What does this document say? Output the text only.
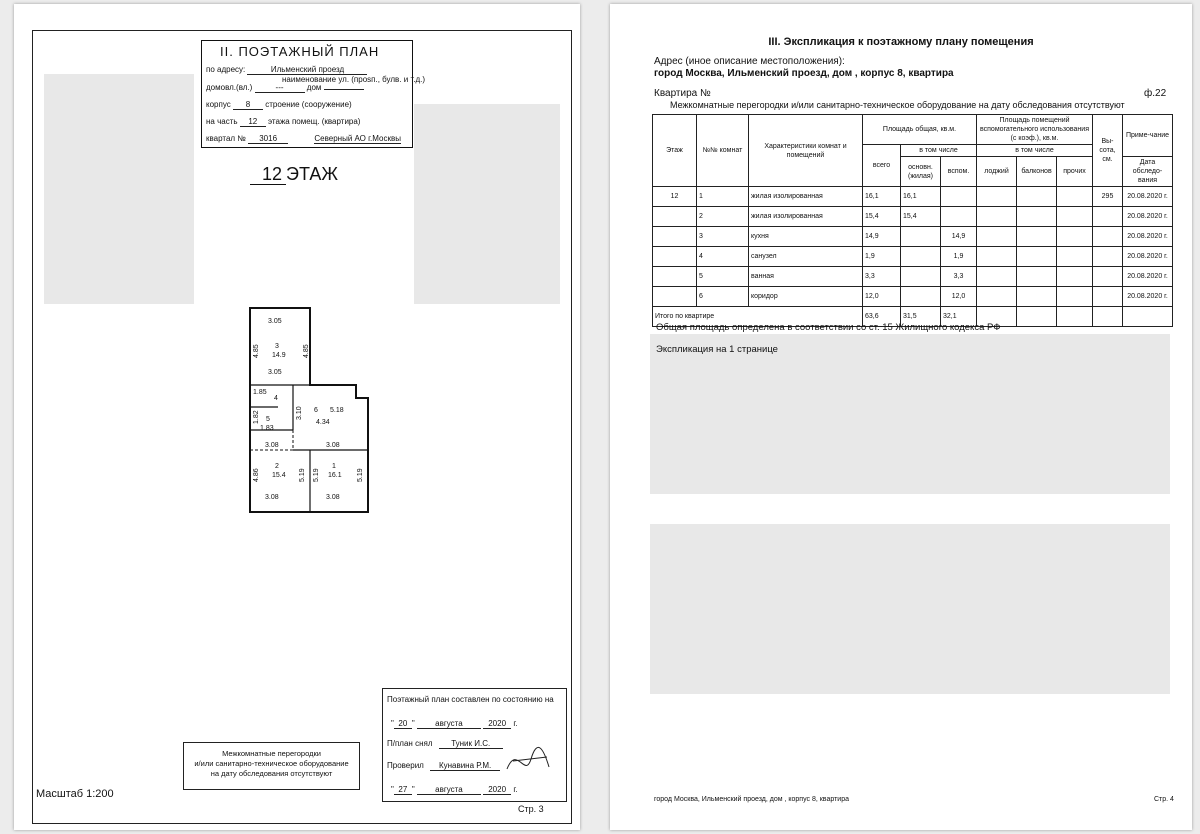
II. ПОЭТАЖНЫЙ ПЛАН
по адресу:	Ильменский проезд
наименование ул. (прosп., булв. и т.д.)
домовл.(вл.)	---	дом
корпус 8 строение (сооружение)
на часть 12 этажа помещ. (квартира)
квартал № 3016	Северный АО г.Москвы
12 ЭТАЖ
3.05
3.05
4.85	4.85
3
14.9
1.85
4
3.10 6 5.18
4.34
1.82 5
1.83
3.08
4.86	5.19
2
15.4
3.08
3.08
5.19	5.19
1
16.1
3.08
Межкомнатные перегородки
и/или санитарно-техническое оборудование
на дату обследования отсутствуют
Поэтажный план составлен по состоянию на
" 20 " августа	2020 г.
П/план снял Туник И.С.
Проверил Кунавина Р.М.
" 27 " августа	2020 г.
Масштаб 1:200
Стр. 3
III. Экспликация к поэтажному плану помещения
Адрес (иное описание местоположения):
город Москва, Ильменский проезд, дом , корпус 8, квартира
Квартира №	ф.22
Межкомнатные перегородки и/или санитарно-техническое оборудование на дату обследования отсутствуют
Этаж	№№ комнат	Характеристики комнат и помещений	Площадь общая, кв.м.			Площадь помещений вспомогательного использования (с коэф.), кв.м.			Вы-сота, см.	Приме-чание
			всего	в том числе		в том числе				
				основн. (жилая)	вспом.	лоджий	балконов	прочих		Дата обследо-вания
12	1	жилая изолированная	16,1	16,1					295	20.08.2020 г.
	2	жилая изолированная	15,4	15,4						20.08.2020 г.
	3	кухня	14,9		14,9					20.08.2020 г.
	4	санузел	1,9		1,9					20.08.2020 г.
	5	ванная	3,3		3,3					20.08.2020 г.
	6	коридор	12,0		12,0					20.08.2020 г.
Итого по квартире			63,6	31,5	32,1					
Общая площадь определена в соответствии со ст. 15 Жилищного кодекса РФ
Экспликация на 1 странице
город Москва, Ильменский проезд, дом , корпус 8, квартира	Стр. 4
